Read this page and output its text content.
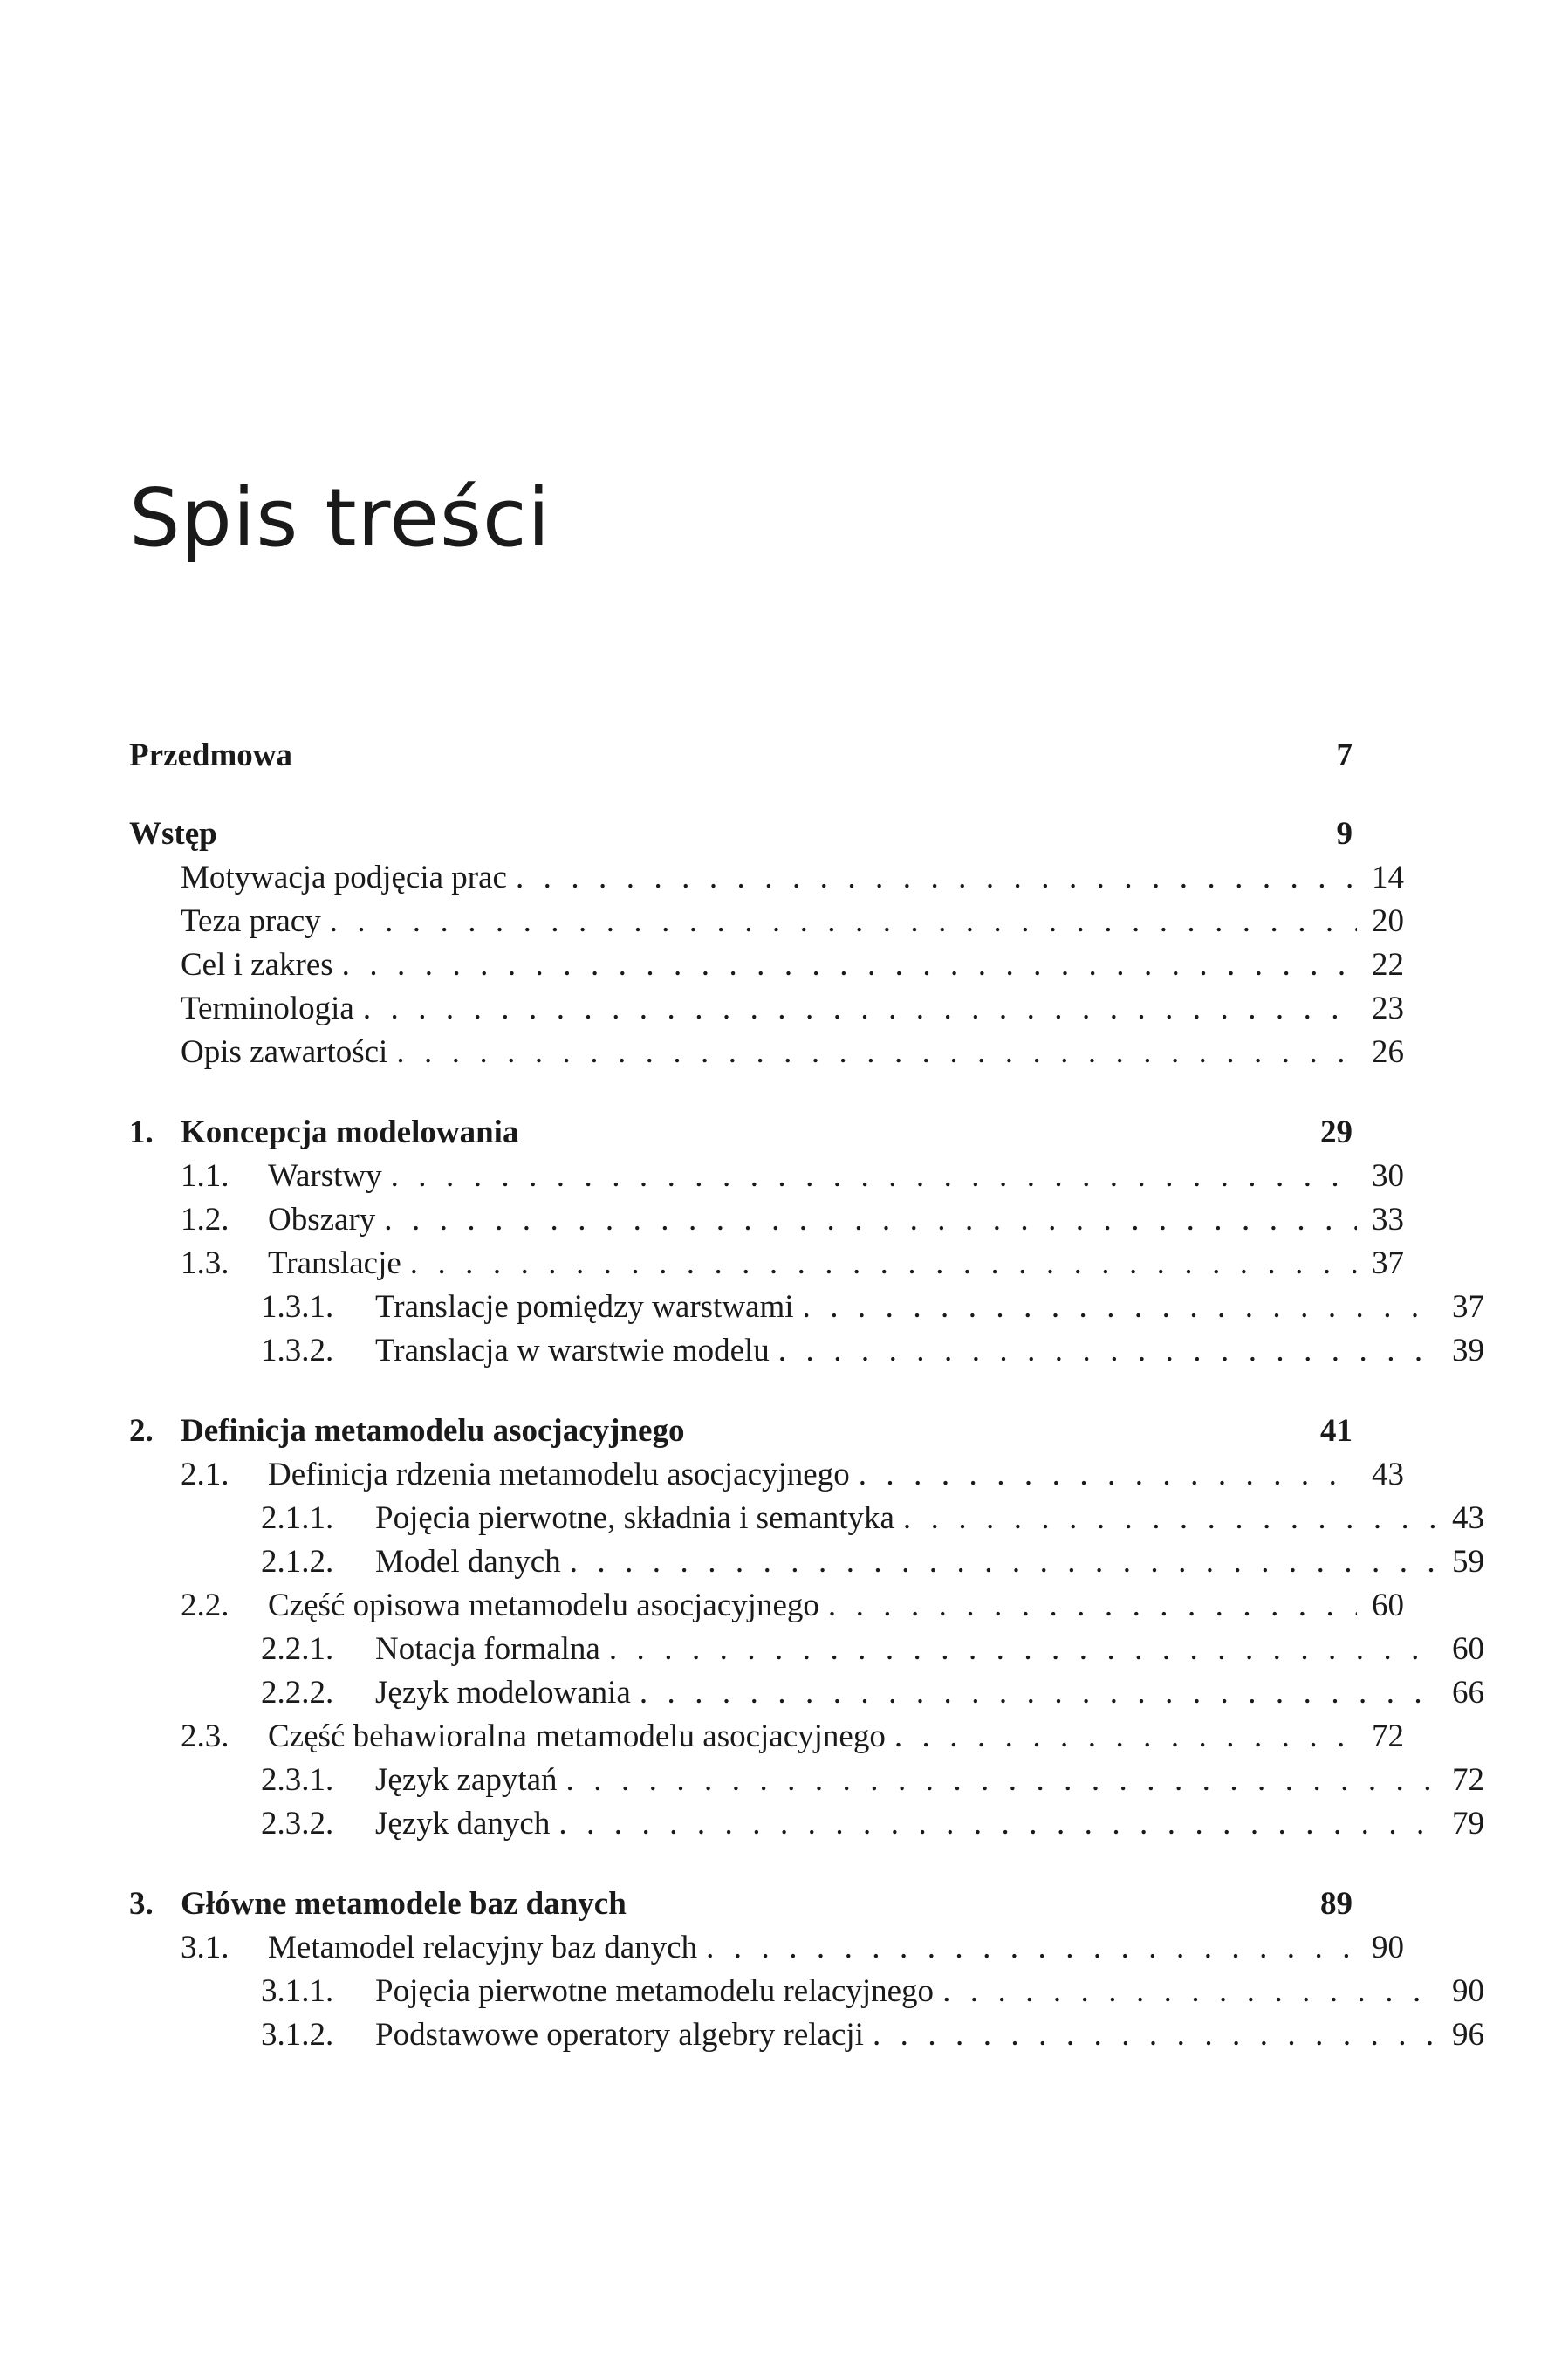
Spis treści
Przedmowa	7
Wstęp	9
Motywacja podjęcia prac . . .	14
Teza pracy . . .	20
Cel i zakres . . .	22
Terminologia . . .	23
Opis zawartości . . .	26
1. Koncepcja modelowania	29
1.1.	Warstwy . . .	30
1.2.	Obszary . . .	33
1.3.	Translacje . . .	37
1.3.1.	Translacje pomiędzy warstwami . . .	37
1.3.2.	Translacja w warstwie modelu . . .	39
2. Definicja metamodelu asocjacyjnego	41
2.1.	Definicja rdzenia metamodelu asocjacyjnego . . .	43
2.1.1.	Pojęcia pierwotne, składnia i semantyka . . .	43
2.1.2.	Model danych . . .	59
2.2.	Część opisowa metamodelu asocjacyjnego . . .	60
2.2.1.	Notacja formalna . . .	60
2.2.2.	Język modelowania . . .	66
2.3.	Część behawioralna metamodelu asocjacyjnego . . .	72
2.3.1.	Język zapytań . . .	72
2.3.2.	Język danych . . .	79
3. Główne metamodele baz danych	89
3.1.	Metamodel relacyjny baz danych . . .	90
3.1.1.	Pojęcia pierwotne metamodelu relacyjnego . . .	90
3.1.2.	Podstawowe operatory algebry relacji . . .	96
